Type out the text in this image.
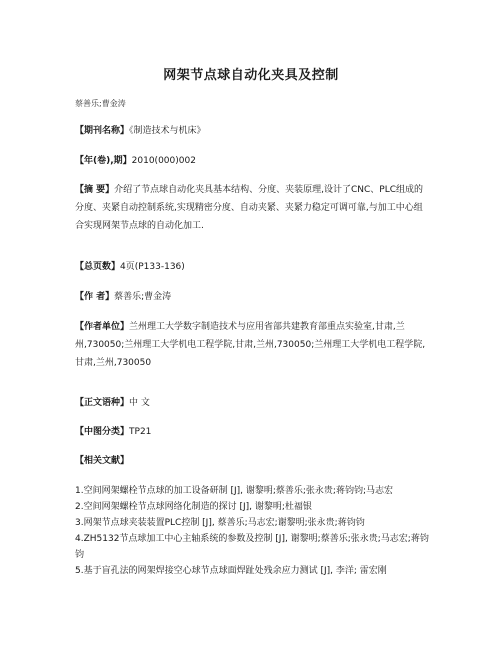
网架节点球自动化夹具及控制
蔡善乐;曹金涛
【期刊名称】《制造技术与机床》
【年(卷),期】2010(000)002
【摘 要】介绍了节点球自动化夹具基本结构、分度、夹装原理,设计了CNC、PLC组成的分度、夹紧自动控制系统,实现精密分度、自动夹紧、夹紧力稳定可调可靠,与加工中心组合实现网架节点球的自动化加工.
【总页数】4页(P133-136)
【作 者】蔡善乐;曹金涛
【作者单位】兰州理工大学数字制造技术与应用省部共建教育部重点实验室,甘肃,兰州,730050;兰州理工大学机电工程学院,甘肃,兰州,730050;兰州理工大学机电工程学院,甘肃,兰州,730050
【正文语种】中 文
【中图分类】TP21
【相关文献】
1.空间网架螺栓节点球的加工设备研制 [J], 谢黎明;蔡善乐;张永贵;蒋钧钧;马志宏
2.空间网架螺栓节点球网络化制造的探讨 [J], 谢黎明;杜福银
3.网架节点球夹装装置PLC控制 [J], 蔡善乐;马志宏;谢黎明;张永贵;蒋钧钧
4.ZH5132节点球加工中心主轴系统的参数及控制 [J], 谢黎明;蔡善乐;张永贵;马志宏;蒋钧钧
5.基于盲孔法的网架焊接空心球节点球面焊趾处残余应力测试 [J], 李洋; 雷宏刚
